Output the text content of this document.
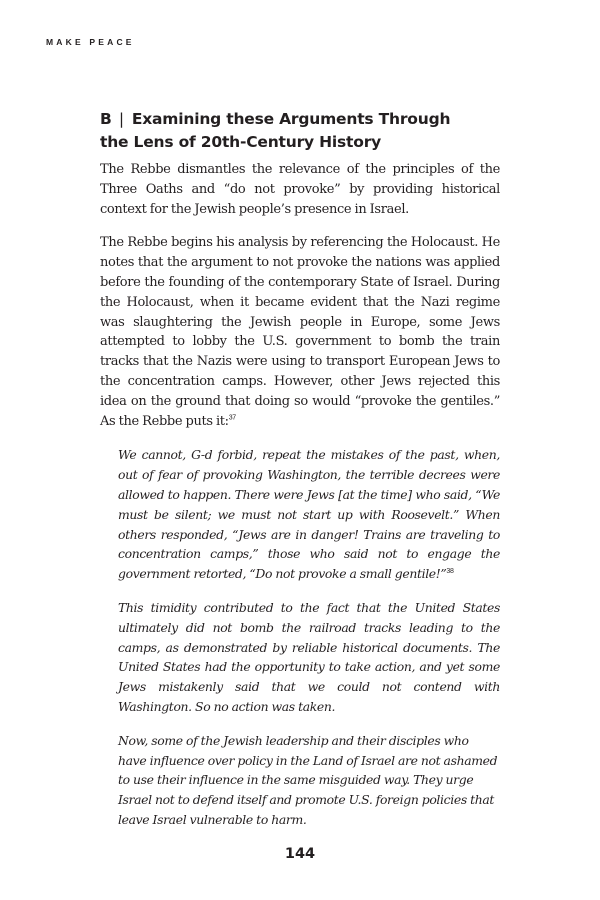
MAKE PEACE
B | Examining these Arguments Through
the Lens of 20th-Century History

The Rebbe dismantles the relevance of the principles of the Three Oaths and “do not provoke” by providing historical context for the Jewish people’s presence in Israel.

The Rebbe begins his analysis by referencing the Holocaust. He notes that the argument to not provoke the nations was applied before the founding of the contemporary State of Israel. During the Holocaust, when it became evident that the Nazi regime was slaughtering the Jewish people in Europe, some Jews attempted to lobby the U.S. government to bomb the train tracks that the Nazis were using to transport European Jews to the concentration camps. However, other Jews rejected this idea on the ground that doing so would “provoke the gentiles.” As the Rebbe puts it:$^{37}$

We cannot, G-d forbid, repeat the mistakes of the past, when, out of fear of provoking Washington, the terrible decrees were allowed to happen. There were Jews [at the time] who said, “We must be silent; we must not start up with Roosevelt.” When others responded, “Jews are in danger! Trains are traveling to concentration camps,” those who said not to engage the government retorted, “Do not provoke a small gentile!”$^{38}$

This timidity contributed to the fact that the United States ultimately did not bomb the railroad tracks leading to the camps, as demonstrated by reliable historical documents. The United States had the opportunity to take action, and yet some Jews mistakenly said that we could not contend with Washington. So no action was taken.

Now, some of the Jewish leadership and their disciples who have influence over policy in the Land of Israel are not ashamed to use their influence in the same misguided way. They urge Israel not to defend itself and promote U.S. foreign policies that leave Israel vulnerable to harm.

144
